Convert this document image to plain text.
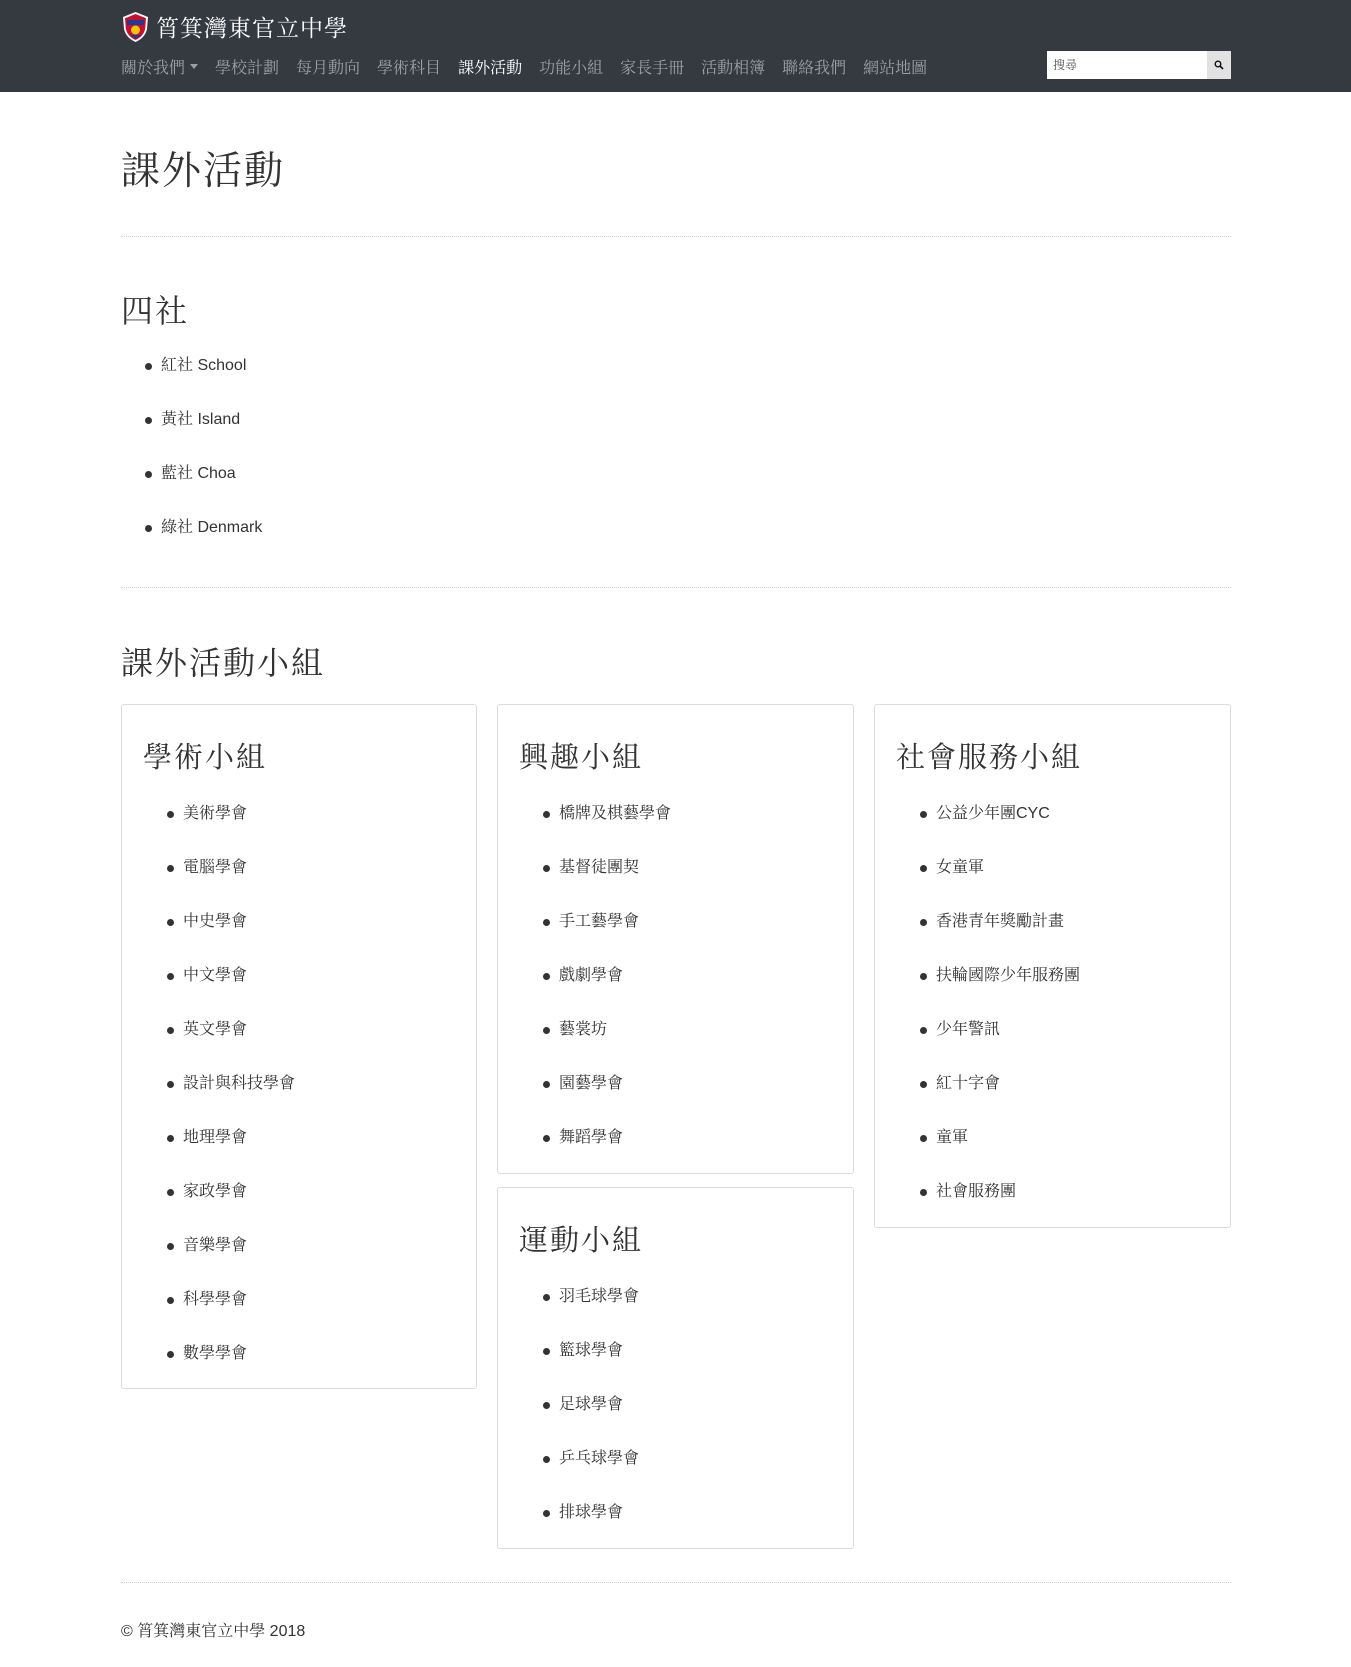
筲箕灣東官立中學
關於我們 學校計劃 每月動向 學術科目 課外活動 功能小組 家長手冊 活動相簿 聯絡我們 網站地圖
搜尋
課外活動
四社
紅社 School
黃社 Island
藍社 Choa
綠社 Denmark
課外活動小組
學術小組
美術學會
電腦學會
中史學會
中文學會
英文學會
設計與科技學會
地理學會
家政學會
音樂學會
科學學會
數學學會
興趣小組
橋牌及棋藝學會
基督徒團契
手工藝學會
戲劇學會
藝裳坊
園藝學會
舞蹈學會
運動小組
羽毛球學會
籃球學會
足球學會
乒乓球學會
排球學會
社會服務小組
公益少年團CYC
女童軍
香港青年獎勵計畫
扶輪國際少年服務團
少年警訊
紅十字會
童軍
社會服務團
© 筲箕灣東官立中學 2018
